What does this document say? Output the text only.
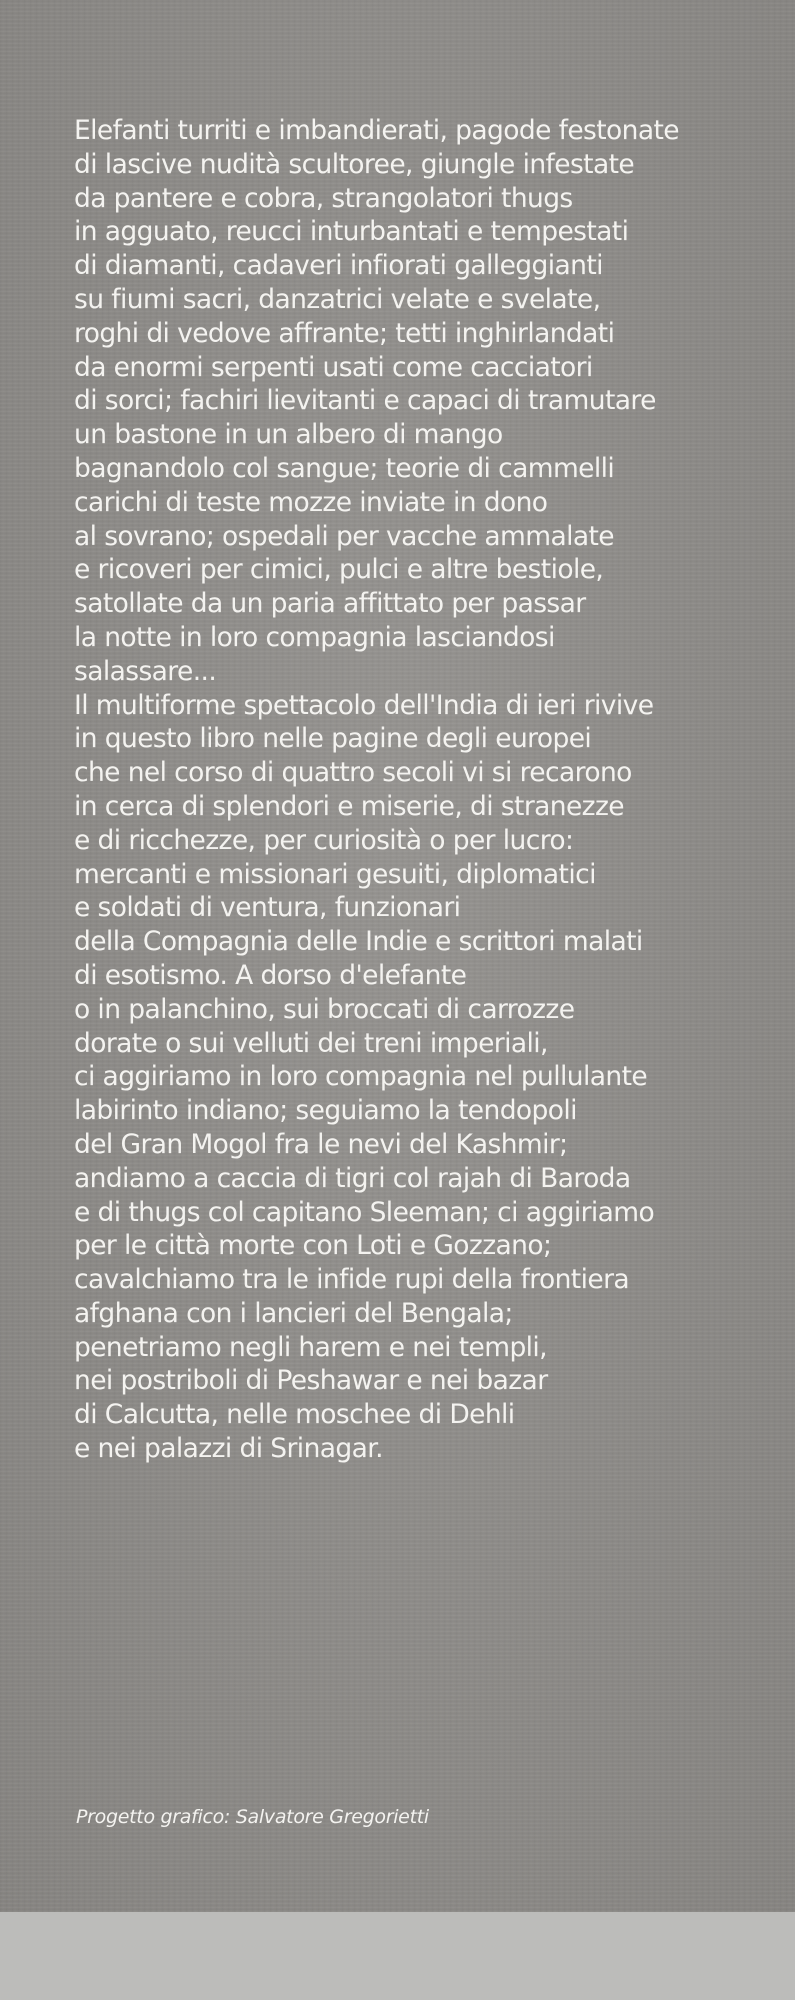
Elefanti turriti e imbandierati, pagode festonate
di lascive nudità scultoree, giungle infestate
da pantere e cobra, strangolatori thugs
in agguato, reucci inturbantati e tempestati
di diamanti, cadaveri infiorati galleggianti
su fiumi sacri, danzatrici velate e svelate,
roghi di vedove affrante; tetti inghirlandati
da enormi serpenti usati come cacciatori
di sorci; fachiri lievitanti e capaci di tramutare
un bastone in un albero di mango
bagnandolo col sangue; teorie di cammelli
carichi di teste mozze inviate in dono
al sovrano; ospedali per vacche ammalate
e ricoveri per cimici, pulci e altre bestiole,
satollate da un paria affittato per passar
la notte in loro compagnia lasciandosi
salassare...
Il multiforme spettacolo dell'India di ieri rivive
in questo libro nelle pagine degli europei
che nel corso di quattro secoli vi si recarono
in cerca di splendori e miserie, di stranezze
e di ricchezze, per curiosità o per lucro:
mercanti e missionari gesuiti, diplomatici
e soldati di ventura, funzionari
della Compagnia delle Indie e scrittori malati
di esotismo. A dorso d'elefante
o in palanchino, sui broccati di carrozze
dorate o sui velluti dei treni imperiali,
ci aggiriamo in loro compagnia nel pullulante
labirinto indiano; seguiamo la tendopoli
del Gran Mogol fra le nevi del Kashmir;
andiamo a caccia di tigri col rajah di Baroda
e di thugs col capitano Sleeman; ci aggiriamo
per le città morte con Loti e Gozzano;
cavalchiamo tra le infide rupi della frontiera
afghana con i lancieri del Bengala;
penetriamo negli harem e nei templi,
nei postriboli di Peshawar e nei bazar
di Calcutta, nelle moschee di Dehli
e nei palazzi di Srinagar.

Progetto grafico: Salvatore Gregorietti
